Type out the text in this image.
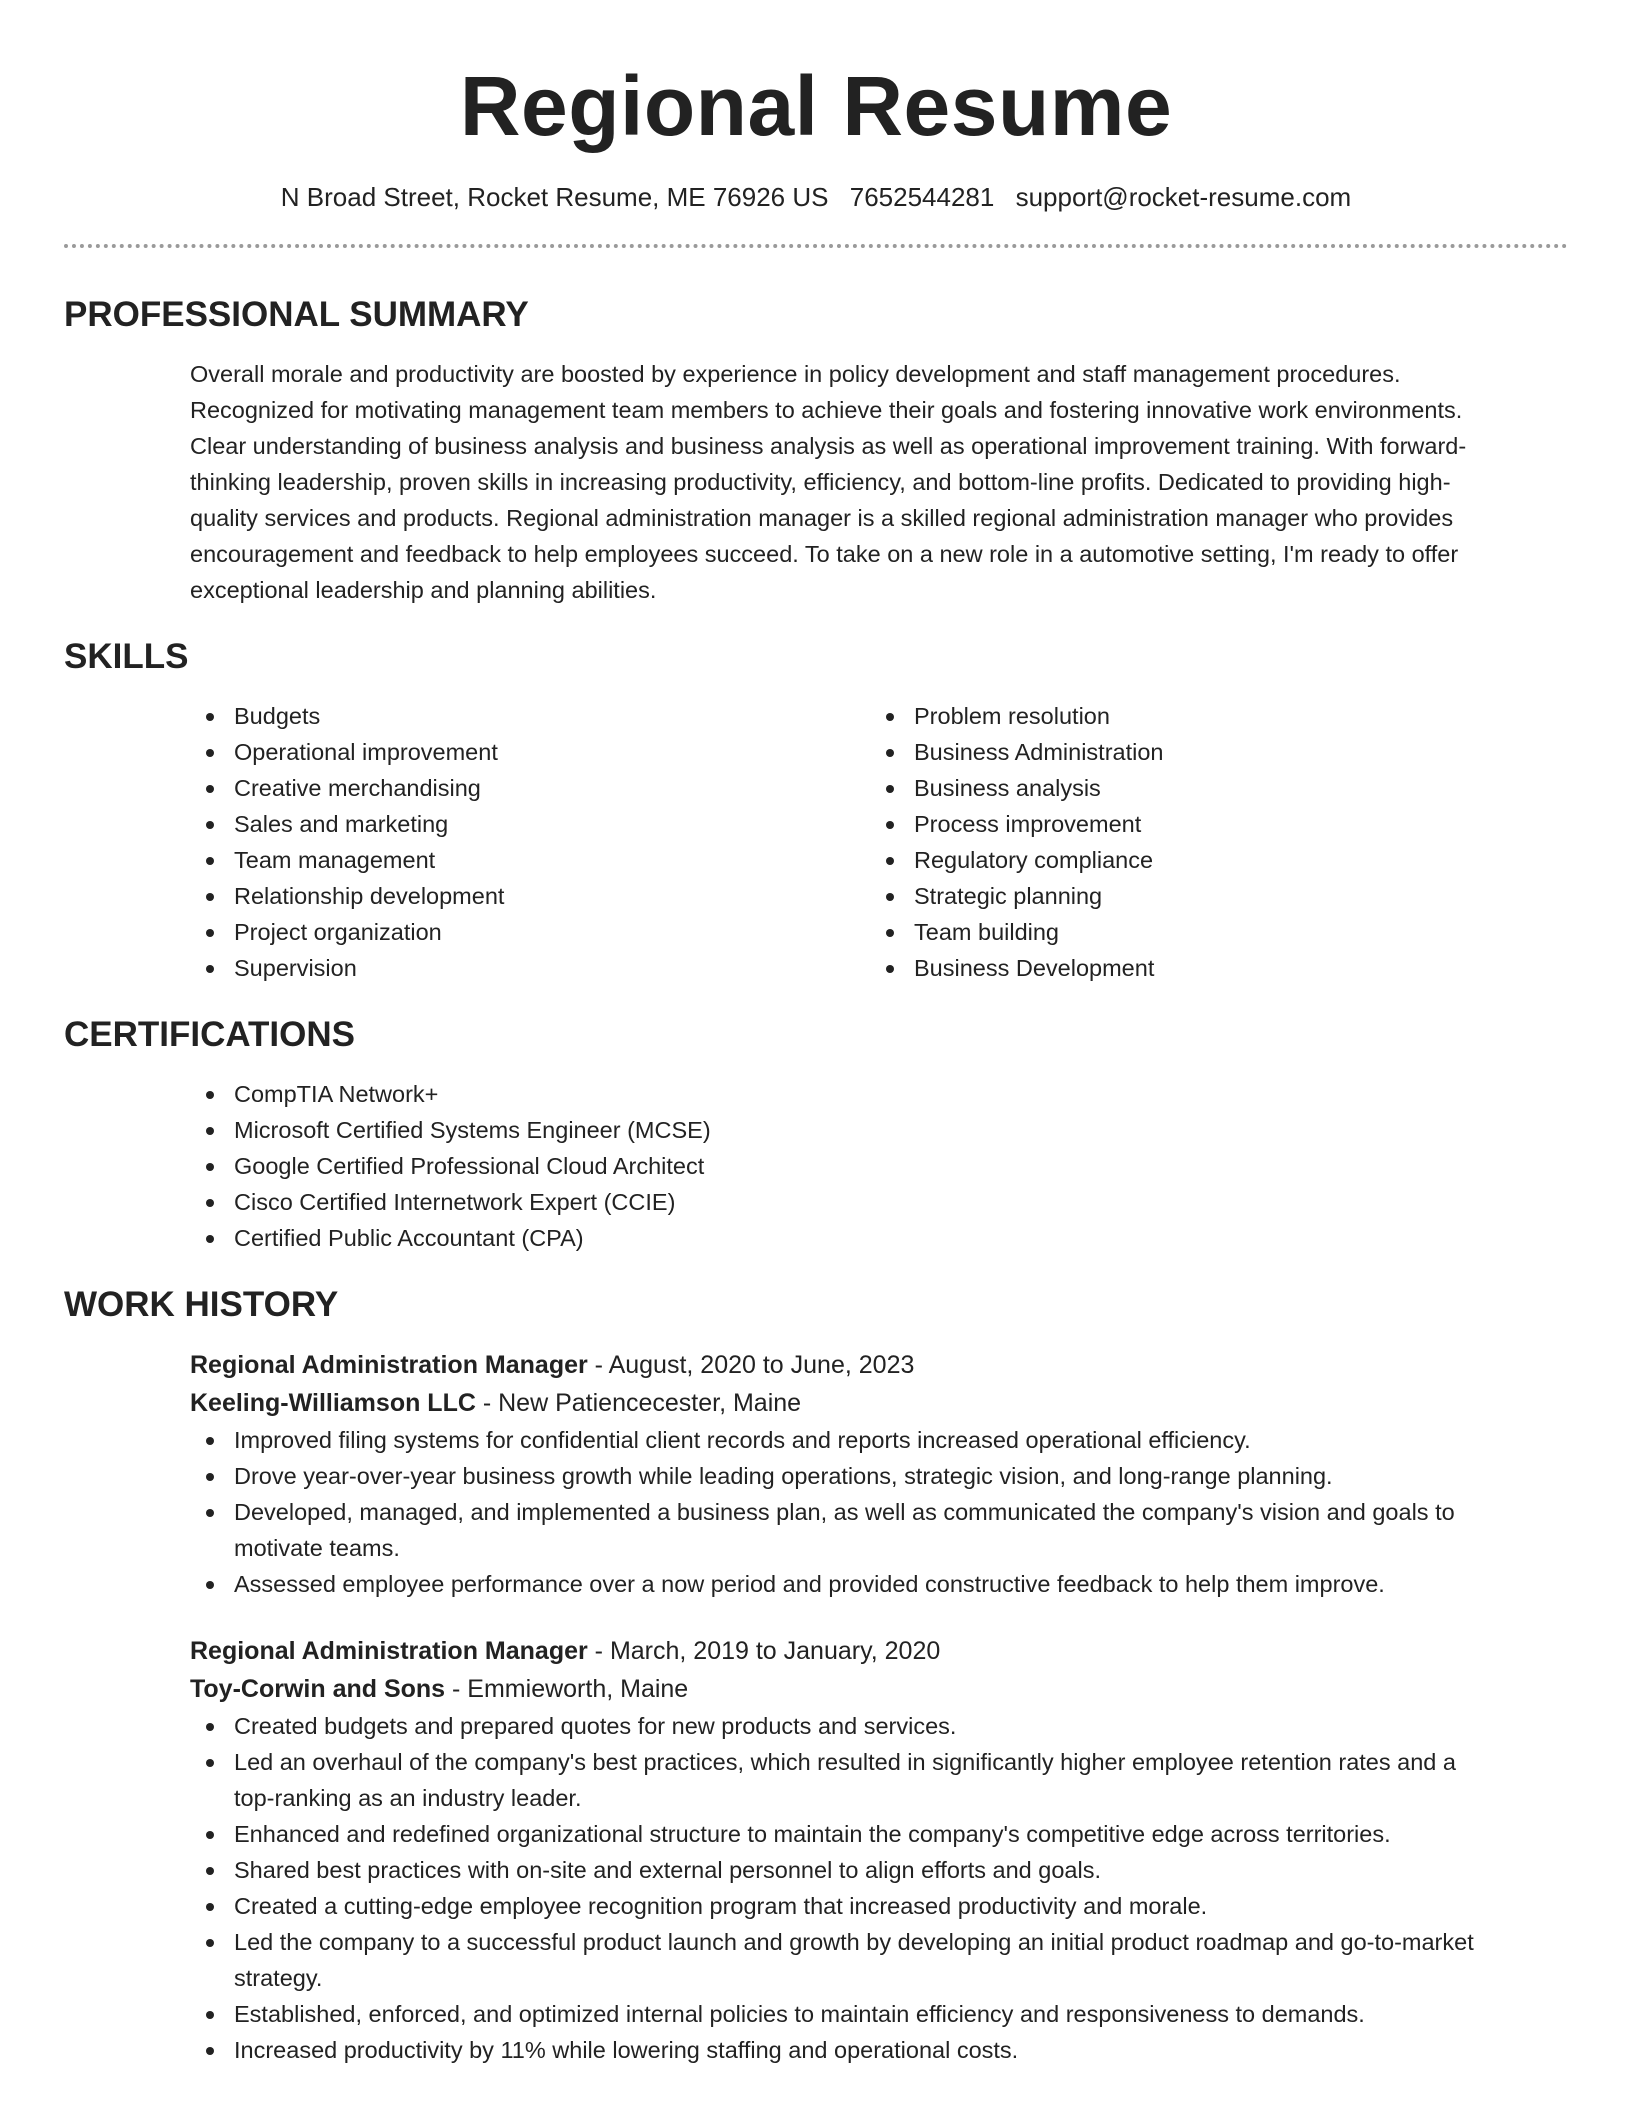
Regional Resume
N Broad Street, Rocket Resume, ME 76926 US 7652544281 support@rocket-resume.com
PROFESSIONAL SUMMARY

Overall morale and productivity are boosted by experience in policy development and staff management procedures.
Recognized for motivating management team members to achieve their goals and fostering innovative work environments.
Clear understanding of business analysis and business analysis as well as operational improvement training. With forward-
thinking leadership, proven skills in increasing productivity, efficiency, and bottom-line profits. Dedicated to providing high-
quality services and products. Regional administration manager is a skilled regional administration manager who provides
encouragement and feedback to help employees succeed. To take on a new role in a automotive setting, I'm ready to offer
exceptional leadership and planning abilities.

SKILLS
Budgets
Operational improvement
Creative merchandising
Sales and marketing
Team management
Relationship development
Project organization
Supervision
Problem resolution
Business Administration
Business analysis
Process improvement
Regulatory compliance
Strategic planning
Team building
Business Development
CERTIFICATIONS
CompTIA Network+
Microsoft Certified Systems Engineer (MCSE)
Google Certified Professional Cloud Architect
Cisco Certified Internetwork Expert (CCIE)
Certified Public Accountant (CPA)
WORK HISTORY
Regional Administration Manager - August, 2020 to June, 2023
Keeling-Williamson LLC - New Patiencecester, Maine
Improved filing systems for confidential client records and reports increased operational efficiency.
Drove year-over-year business growth while leading operations, strategic vision, and long-range planning.
Developed, managed, and implemented a business plan, as well as communicated the company's vision and goals to
motivate teams.
Assessed employee performance over a now period and provided constructive feedback to help them improve.
Regional Administration Manager - March, 2019 to January, 2020
Toy-Corwin and Sons - Emmieworth, Maine
Created budgets and prepared quotes for new products and services.
Led an overhaul of the company's best practices, which resulted in significantly higher employee retention rates and a
top-ranking as an industry leader.
Enhanced and redefined organizational structure to maintain the company's competitive edge across territories.
Shared best practices with on-site and external personnel to align efforts and goals.
Created a cutting-edge employee recognition program that increased productivity and morale.
Led the company to a successful product launch and growth by developing an initial product roadmap and go-to-market
strategy.
Established, enforced, and optimized internal policies to maintain efficiency and responsiveness to demands.
Increased productivity by 11% while lowering staffing and operational costs.
